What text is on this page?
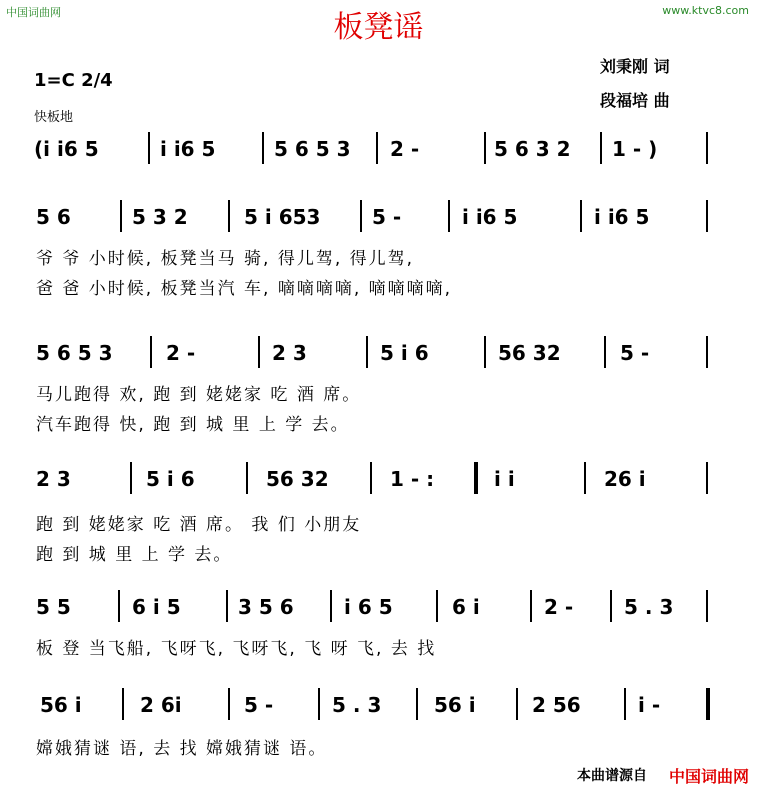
中国词曲网	www.ktvc8.com
板凳谣
刘秉刚 词
段福培 曲
1=C 2/4
快板地
(i i6 5	i i6 5	5 6 5 3 2 -	5 6 3 2 1 - )
5 6	5 3 2	5 i 653	5 -	i i6 5	i i6 5
爷 爷 小时候, 板凳当马 骑, 得儿驾, 得儿驾,
爸 爸 小时候, 板凳当汽 车, 嘀嘀嘀嘀, 嘀嘀嘀嘀,
5 6 5 3	2 -	2 3	5 i 6	56 32	5 -
马儿跑得 欢, 跑 到 姥姥家 吃 酒 席。
汽车跑得 快, 跑 到 城 里 上 学 去。
2 3	5 i 6	56 32	1 - :	i i	26 i
跑 到 姥姥家 吃 酒 席。 我 们 小朋友
跑 到 城 里 上 学 去。
5 5	6 i 5	3 5 6	i 6 5	6 i	2 -	5 . 3
板 登 当飞船, 飞呀飞, 飞呀飞, 飞 呀 飞, 去 找
56 i	2 6i	5 -	5 . 3	56 i	2 56	i -
嫦娥猜谜 语, 去 找 嫦娥猜谜 语。
本曲谱源自 中国词曲网
